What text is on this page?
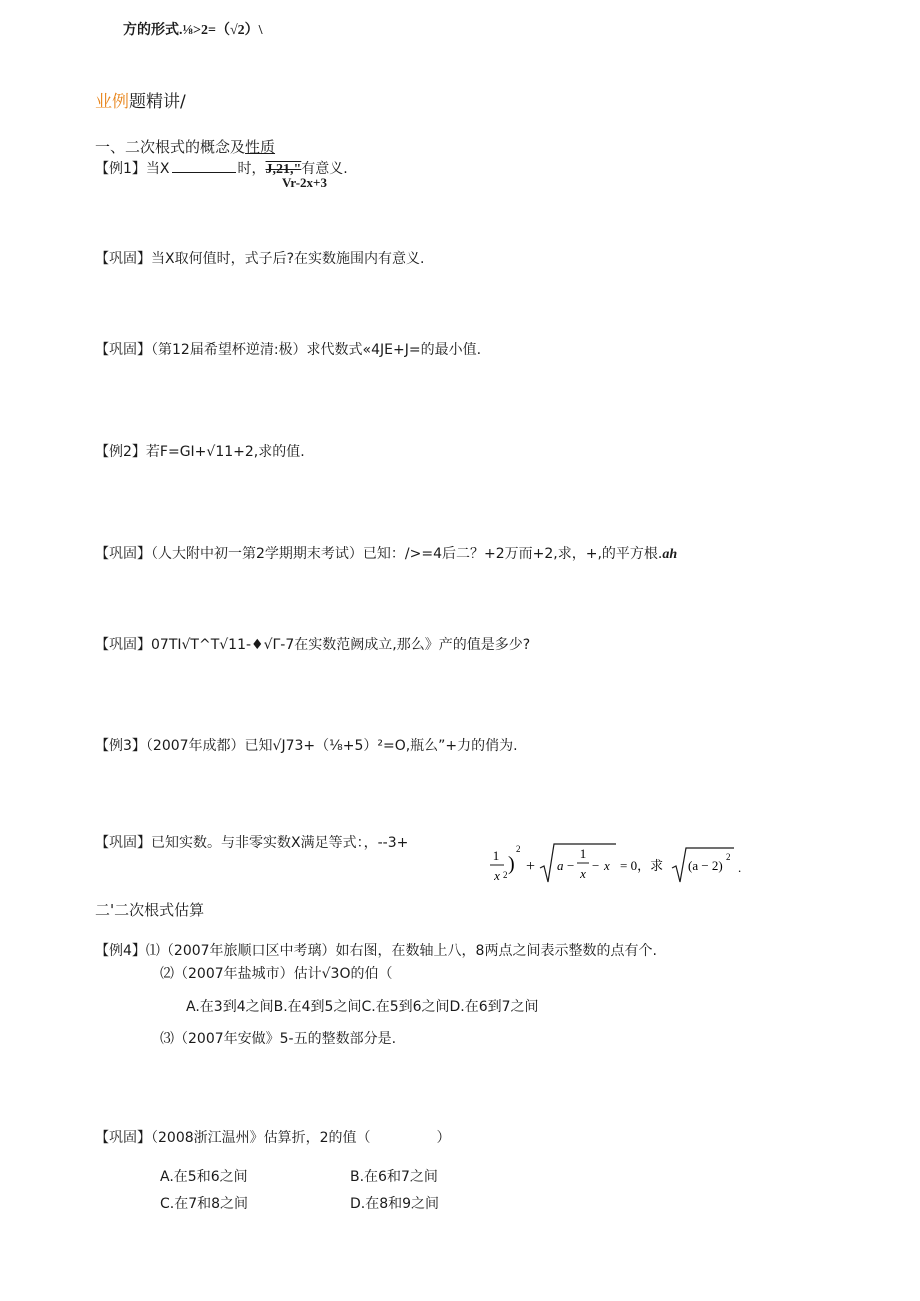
方的形式.⅛>2=（√2）\
业例题精讲/
一、二次根式的概念及性质
【例1】当X	时，J,21,"有意义.
Vr-2x+3
【巩固】当X取何值时，式子后?在实数施围内有意义.
【巩固】（第12届希望杯逆清:极）求代数式«4JE+J=的最小值.
【例2】若F=GI+√11+2,求的值.
【巩固】（人大附中初一第2学期期末考试）已知：/>=4后二？+2万而+2,求，+,的平方根.ah
【巩固】07TI√T^T√11-♦√Γ-7在实数范阙成立,那么》产的值是多少?
【例3】（2007年成都）已知√J73+（⅛+5）²=O,瓶么”+力的俏为.
【巩固】已知实数。与非零实数X满足等式：，--3+
1
x 2 )
2
+ a −
1
x
− x = 0，求 (a − 2)
2
.
二'二次根式估算
【例4】⑴（2007年旅顺口区中考璃）如右图，在数轴上八，8两点之间表示整数的点有个.
⑵（2007年盐城市）估计√3O的伯（
A.在3到4之间B.在4到5之间C.在5到6之间D.在6到7之间
⑶（2007年安做》5-五的整数部分是.
【巩固】（2008浙江温州》估算折，2的值（	）
A.在5和6之间	B.在6和7之间
C.在7和8之间	D.在8和9之间
